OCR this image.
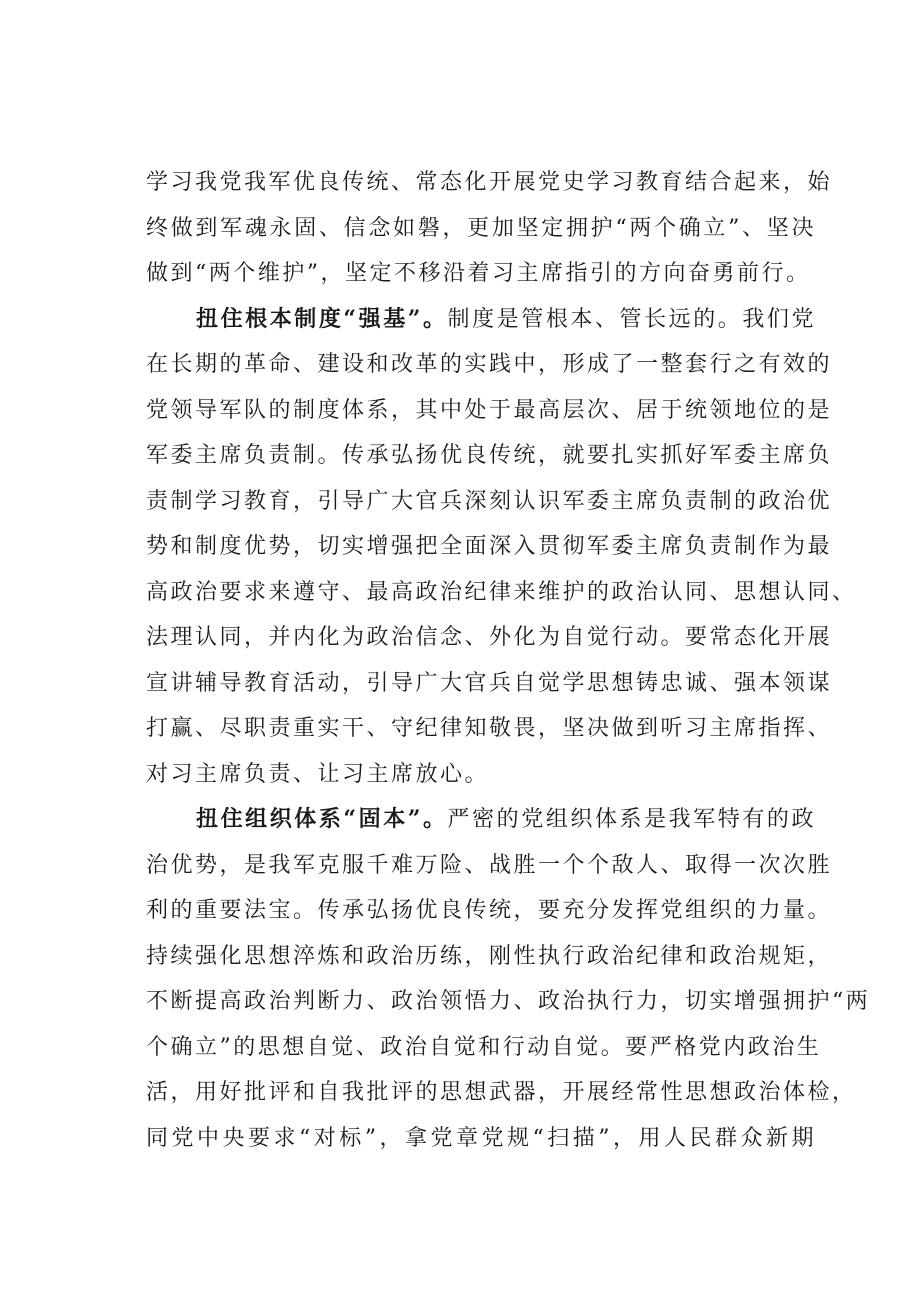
学习我党我军优良传统、常态化开展党史学习教育结合起来，始
终做到军魂永固、信念如磐，更加坚定拥护“两个确立”、坚决
做到“两个维护”，坚定不移沿着习主席指引的方向奋勇前行。
扭住根本制度“强基”。制度是管根本、管长远的。我们党
在长期的革命、建设和改革的实践中，形成了一整套行之有效的
党领导军队的制度体系，其中处于最高层次、居于统领地位的是
军委主席负责制。传承弘扬优良传统，就要扎实抓好军委主席负
责制学习教育，引导广大官兵深刻认识军委主席负责制的政治优
势和制度优势，切实增强把全面深入贯彻军委主席负责制作为最
高政治要求来遵守、最高政治纪律来维护的政治认同、思想认同、
法理认同，并内化为政治信念、外化为自觉行动。要常态化开展
宣讲辅导教育活动，引导广大官兵自觉学思想铸忠诚、强本领谋
打赢、尽职责重实干、守纪律知敬畏，坚决做到听习主席指挥、
对习主席负责、让习主席放心。
扭住组织体系“固本”。严密的党组织体系是我军特有的政
治优势，是我军克服千难万险、战胜一个个敌人、取得一次次胜
利的重要法宝。传承弘扬优良传统，要充分发挥党组织的力量。
持续强化思想淬炼和政治历练，刚性执行政治纪律和政治规矩，
不断提高政治判断力、政治领悟力、政治执行力，切实增强拥护“两
个确立”的思想自觉、政治自觉和行动自觉。要严格党内政治生
活，用好批评和自我批评的思想武器，开展经常性思想政治体检，
同党中央要求“对标”，拿党章党规“扫描”，用人民群众新期
